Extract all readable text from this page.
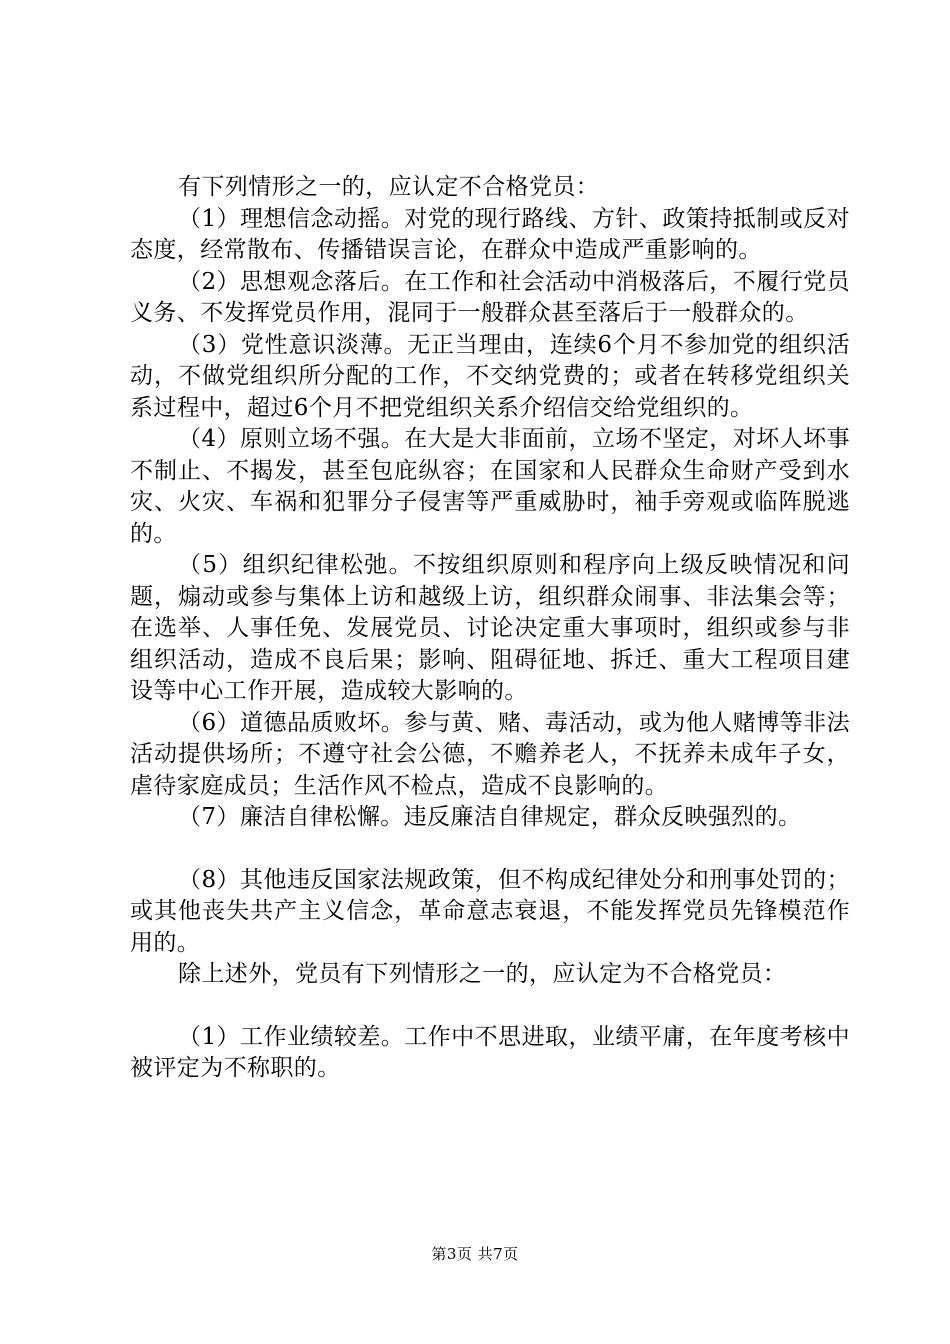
有下列情形之一的，应认定不合格党员：

（1）理想信念动摇。对党的现行路线、方针、政策持抵制或反对态度，经常散布、传播错误言论，在群众中造成严重影响的。

（2）思想观念落后。在工作和社会活动中消极落后，不履行党员义务、不发挥党员作用，混同于一般群众甚至落后于一般群众的。

（3）党性意识淡薄。无正当理由，连续6个月不参加党的组织活动，不做党组织所分配的工作，不交纳党费的；或者在转移党组织关系过程中，超过6个月不把党组织关系介绍信交给党组织的。

（4）原则立场不强。在大是大非面前，立场不坚定，对坏人坏事不制止、不揭发，甚至包庇纵容；在国家和人民群众生命财产受到水灾、火灾、车祸和犯罪分子侵害等严重威胁时，袖手旁观或临阵脱逃的。

（5）组织纪律松弛。不按组织原则和程序向上级反映情况和问题，煽动或参与集体上访和越级上访，组织群众闹事、非法集会等；在选举、人事任免、发展党员、讨论决定重大事项时，组织或参与非组织活动，造成不良后果；影响、阻碍征地、拆迁、重大工程项目建设等中心工作开展，造成较大影响的。

（6）道德品质败坏。参与黄、赌、毒活动，或为他人赌博等非法活动提供场所；不遵守社会公德，不赡养老人，不抚养未成年子女，虐待家庭成员；生活作风不检点，造成不良影响的。

（7）廉洁自律松懈。违反廉洁自律规定，群众反映强烈的。

（8）其他违反国家法规政策，但不构成纪律处分和刑事处罚的；或其他丧失共产主义信念，革命意志衰退，不能发挥党员先锋模范作用的。

除上述外，党员有下列情形之一的，应认定为不合格党员：

（1）工作业绩较差。工作中不思进取，业绩平庸，在年度考核中被评定为不称职的。

第3页 共7页
